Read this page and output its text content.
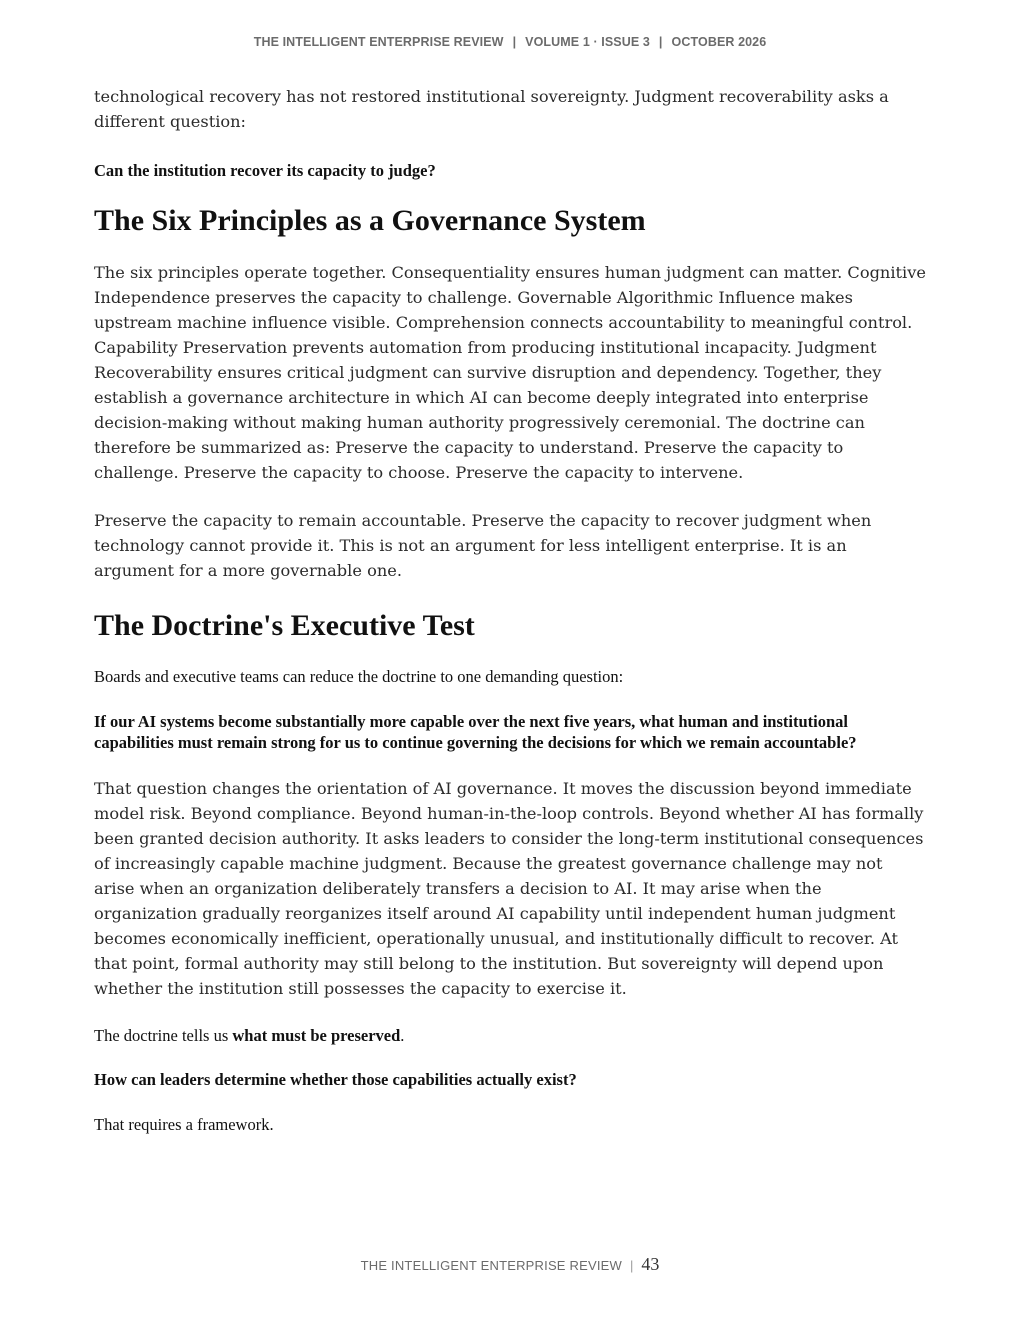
THE INTELLIGENT ENTERPRISE REVIEW | VOLUME 1 · ISSUE 3 | OCTOBER 2026

technological recovery has not restored institutional sovereignty. Judgment recoverability asks a different question:

Can the institution recover its capacity to judge?

The Six Principles as a Governance System

The six principles operate together. Consequentiality ensures human judgment can matter. Cognitive Independence preserves the capacity to challenge. Governable Algorithmic Influence makes upstream machine influence visible. Comprehension connects accountability to meaningful control. Capability Preservation prevents automation from producing institutional incapacity. Judgment Recoverability ensures critical judgment can survive disruption and dependency. Together, they establish a governance architecture in which AI can become deeply integrated into enterprise decision-making without making human authority progressively ceremonial. The doctrine can therefore be summarized as: Preserve the capacity to understand. Preserve the capacity to challenge. Preserve the capacity to choose. Preserve the capacity to intervene.

Preserve the capacity to remain accountable. Preserve the capacity to recover judgment when technology cannot provide it. This is not an argument for less intelligent enterprise. It is an argument for a more governable one.

The Doctrine's Executive Test

Boards and executive teams can reduce the doctrine to one demanding question:

If our AI systems become substantially more capable over the next five years, what human and institutional capabilities must remain strong for us to continue governing the decisions for which we remain accountable?

That question changes the orientation of AI governance. It moves the discussion beyond immediate model risk. Beyond compliance. Beyond human-in-the-loop controls. Beyond whether AI has formally been granted decision authority. It asks leaders to consider the long-term institutional consequences of increasingly capable machine judgment. Because the greatest governance challenge may not arise when an organization deliberately transfers a decision to AI. It may arise when the organization gradually reorganizes itself around AI capability until independent human judgment becomes economically inefficient, operationally unusual, and institutionally difficult to recover. At that point, formal authority may still belong to the institution. But sovereignty will depend upon whether the institution still possesses the capacity to exercise it.

The doctrine tells us what must be preserved.

How can leaders determine whether those capabilities actually exist?

That requires a framework.

THE INTELLIGENT ENTERPRISE REVIEW | 43
